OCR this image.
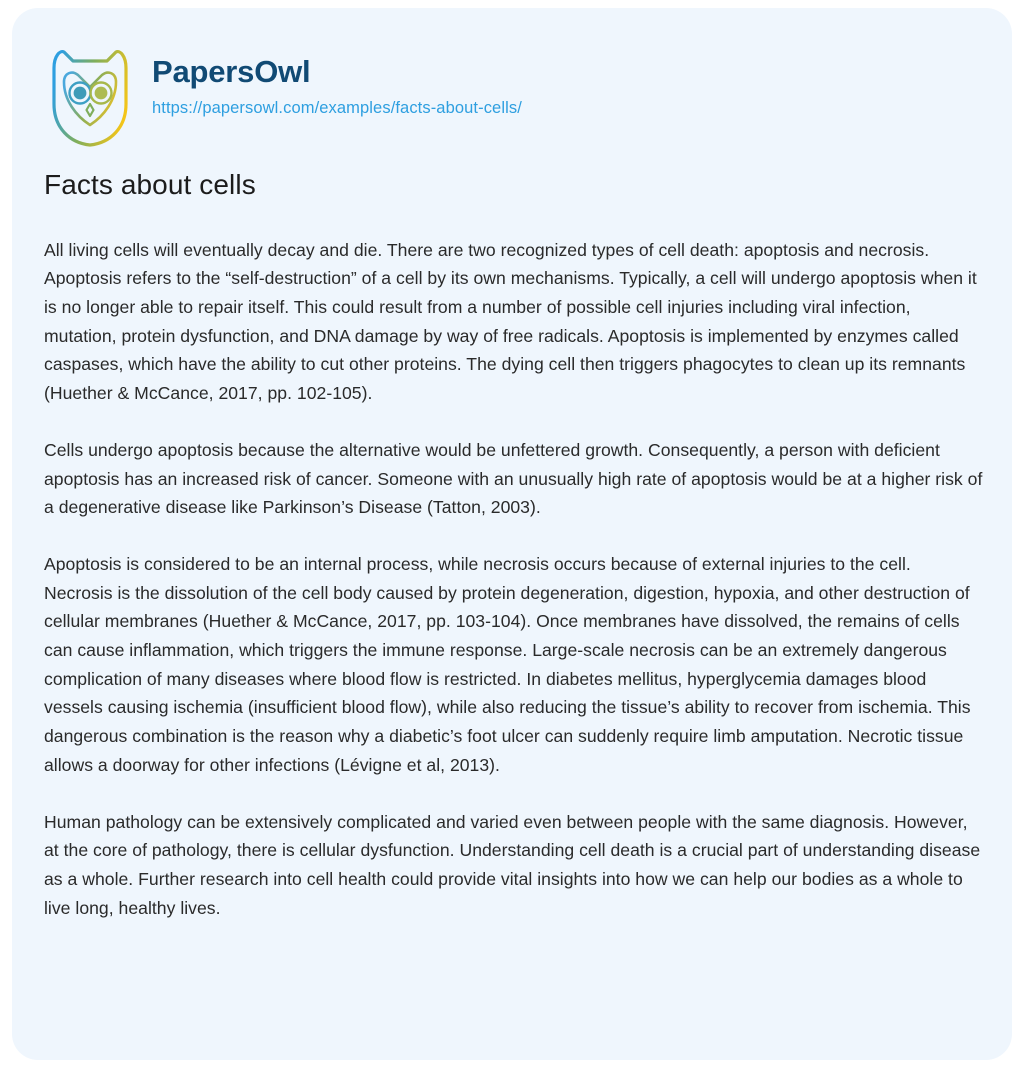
PapersOwl
https://papersowl.com/examples/facts-about-cells/
Facts about cells

All living cells will eventually decay and die. There are two recognized types of cell death: apoptosis and necrosis. Apoptosis refers to the “self-destruction” of a cell by its own mechanisms. Typically, a cell will undergo apoptosis when it is no longer able to repair itself. This could result from a number of possible cell injuries including viral infection, mutation, protein dysfunction, and DNA damage by way of free radicals. Apoptosis is implemented by enzymes called caspases, which have the ability to cut other proteins. The dying cell then triggers phagocytes to clean up its remnants (Huether & McCance, 2017, pp. 102-105).

Cells undergo apoptosis because the alternative would be unfettered growth. Consequently, a person with deficient apoptosis has an increased risk of cancer. Someone with an unusually high rate of apoptosis would be at a higher risk of a degenerative disease like Parkinson’s Disease (Tatton, 2003).

Apoptosis is considered to be an internal process, while necrosis occurs because of external injuries to the cell. Necrosis is the dissolution of the cell body caused by protein degeneration, digestion, hypoxia, and other destruction of cellular membranes (Huether & McCance, 2017, pp. 103-104). Once membranes have dissolved, the remains of cells can cause inflammation, which triggers the immune response. Large-scale necrosis can be an extremely dangerous complication of many diseases where blood flow is restricted. In diabetes mellitus, hyperglycemia damages blood vessels causing ischemia (insufficient blood flow), while also reducing the tissue’s ability to recover from ischemia. This dangerous combination is the reason why a diabetic’s foot ulcer can suddenly require limb amputation. Necrotic tissue allows a doorway for other infections (Lévigne et al, 2013).

Human pathology can be extensively complicated and varied even between people with the same diagnosis. However, at the core of pathology, there is cellular dysfunction. Understanding cell death is a crucial part of understanding disease as a whole. Further research into cell health could provide vital insights into how we can help our bodies as a whole to live long, healthy lives.
